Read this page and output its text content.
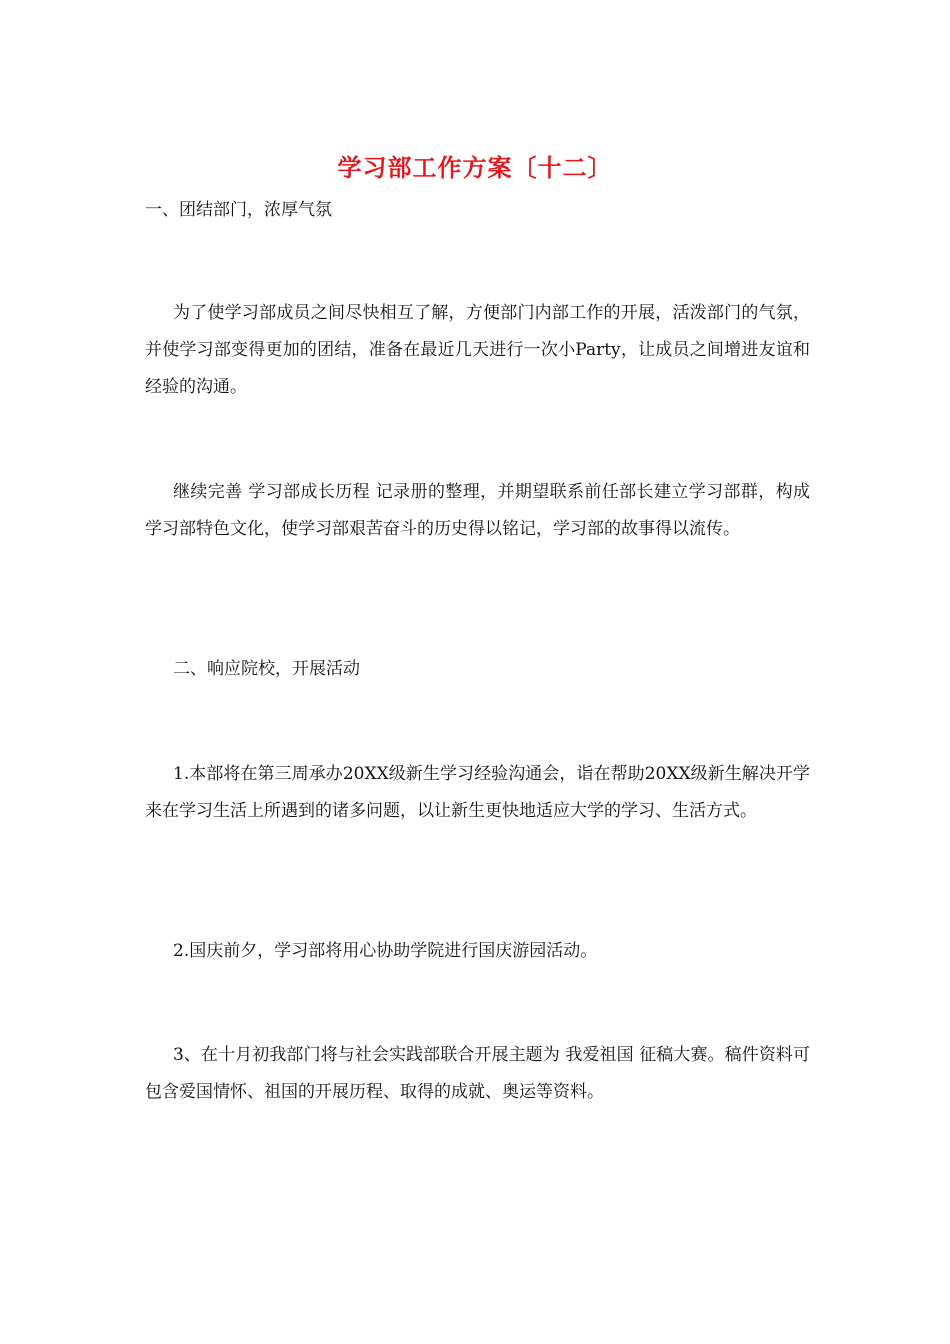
学习部工作方案〔十二〕

一、团结部门，浓厚气氛

为了使学习部成员之间尽快相互了解，方便部门内部工作的开展，活泼部门的气氛，并使学习部变得更加的团结，准备在最近几天进行一次小Party，让成员之间增进友谊和经验的沟通。

继续完善 学习部成长历程 记录册的整理，并期望联系前任部长建立学习部群，构成学习部特色文化，使学习部艰苦奋斗的历史得以铭记，学习部的故事得以流传。

二、响应院校，开展活动

1.本部将在第三周承办20XX级新生学习经验沟通会，诣在帮助20XX级新生解决开学来在学习生活上所遇到的诸多问题，以让新生更快地适应大学的学习、生活方式。

2.国庆前夕，学习部将用心协助学院进行国庆游园活动。

3、在十月初我部门将与社会实践部联合开展主题为 我爱祖国 征稿大赛。稿件资料可包含爱国情怀、祖国的开展历程、取得的成就、奥运等资料。
